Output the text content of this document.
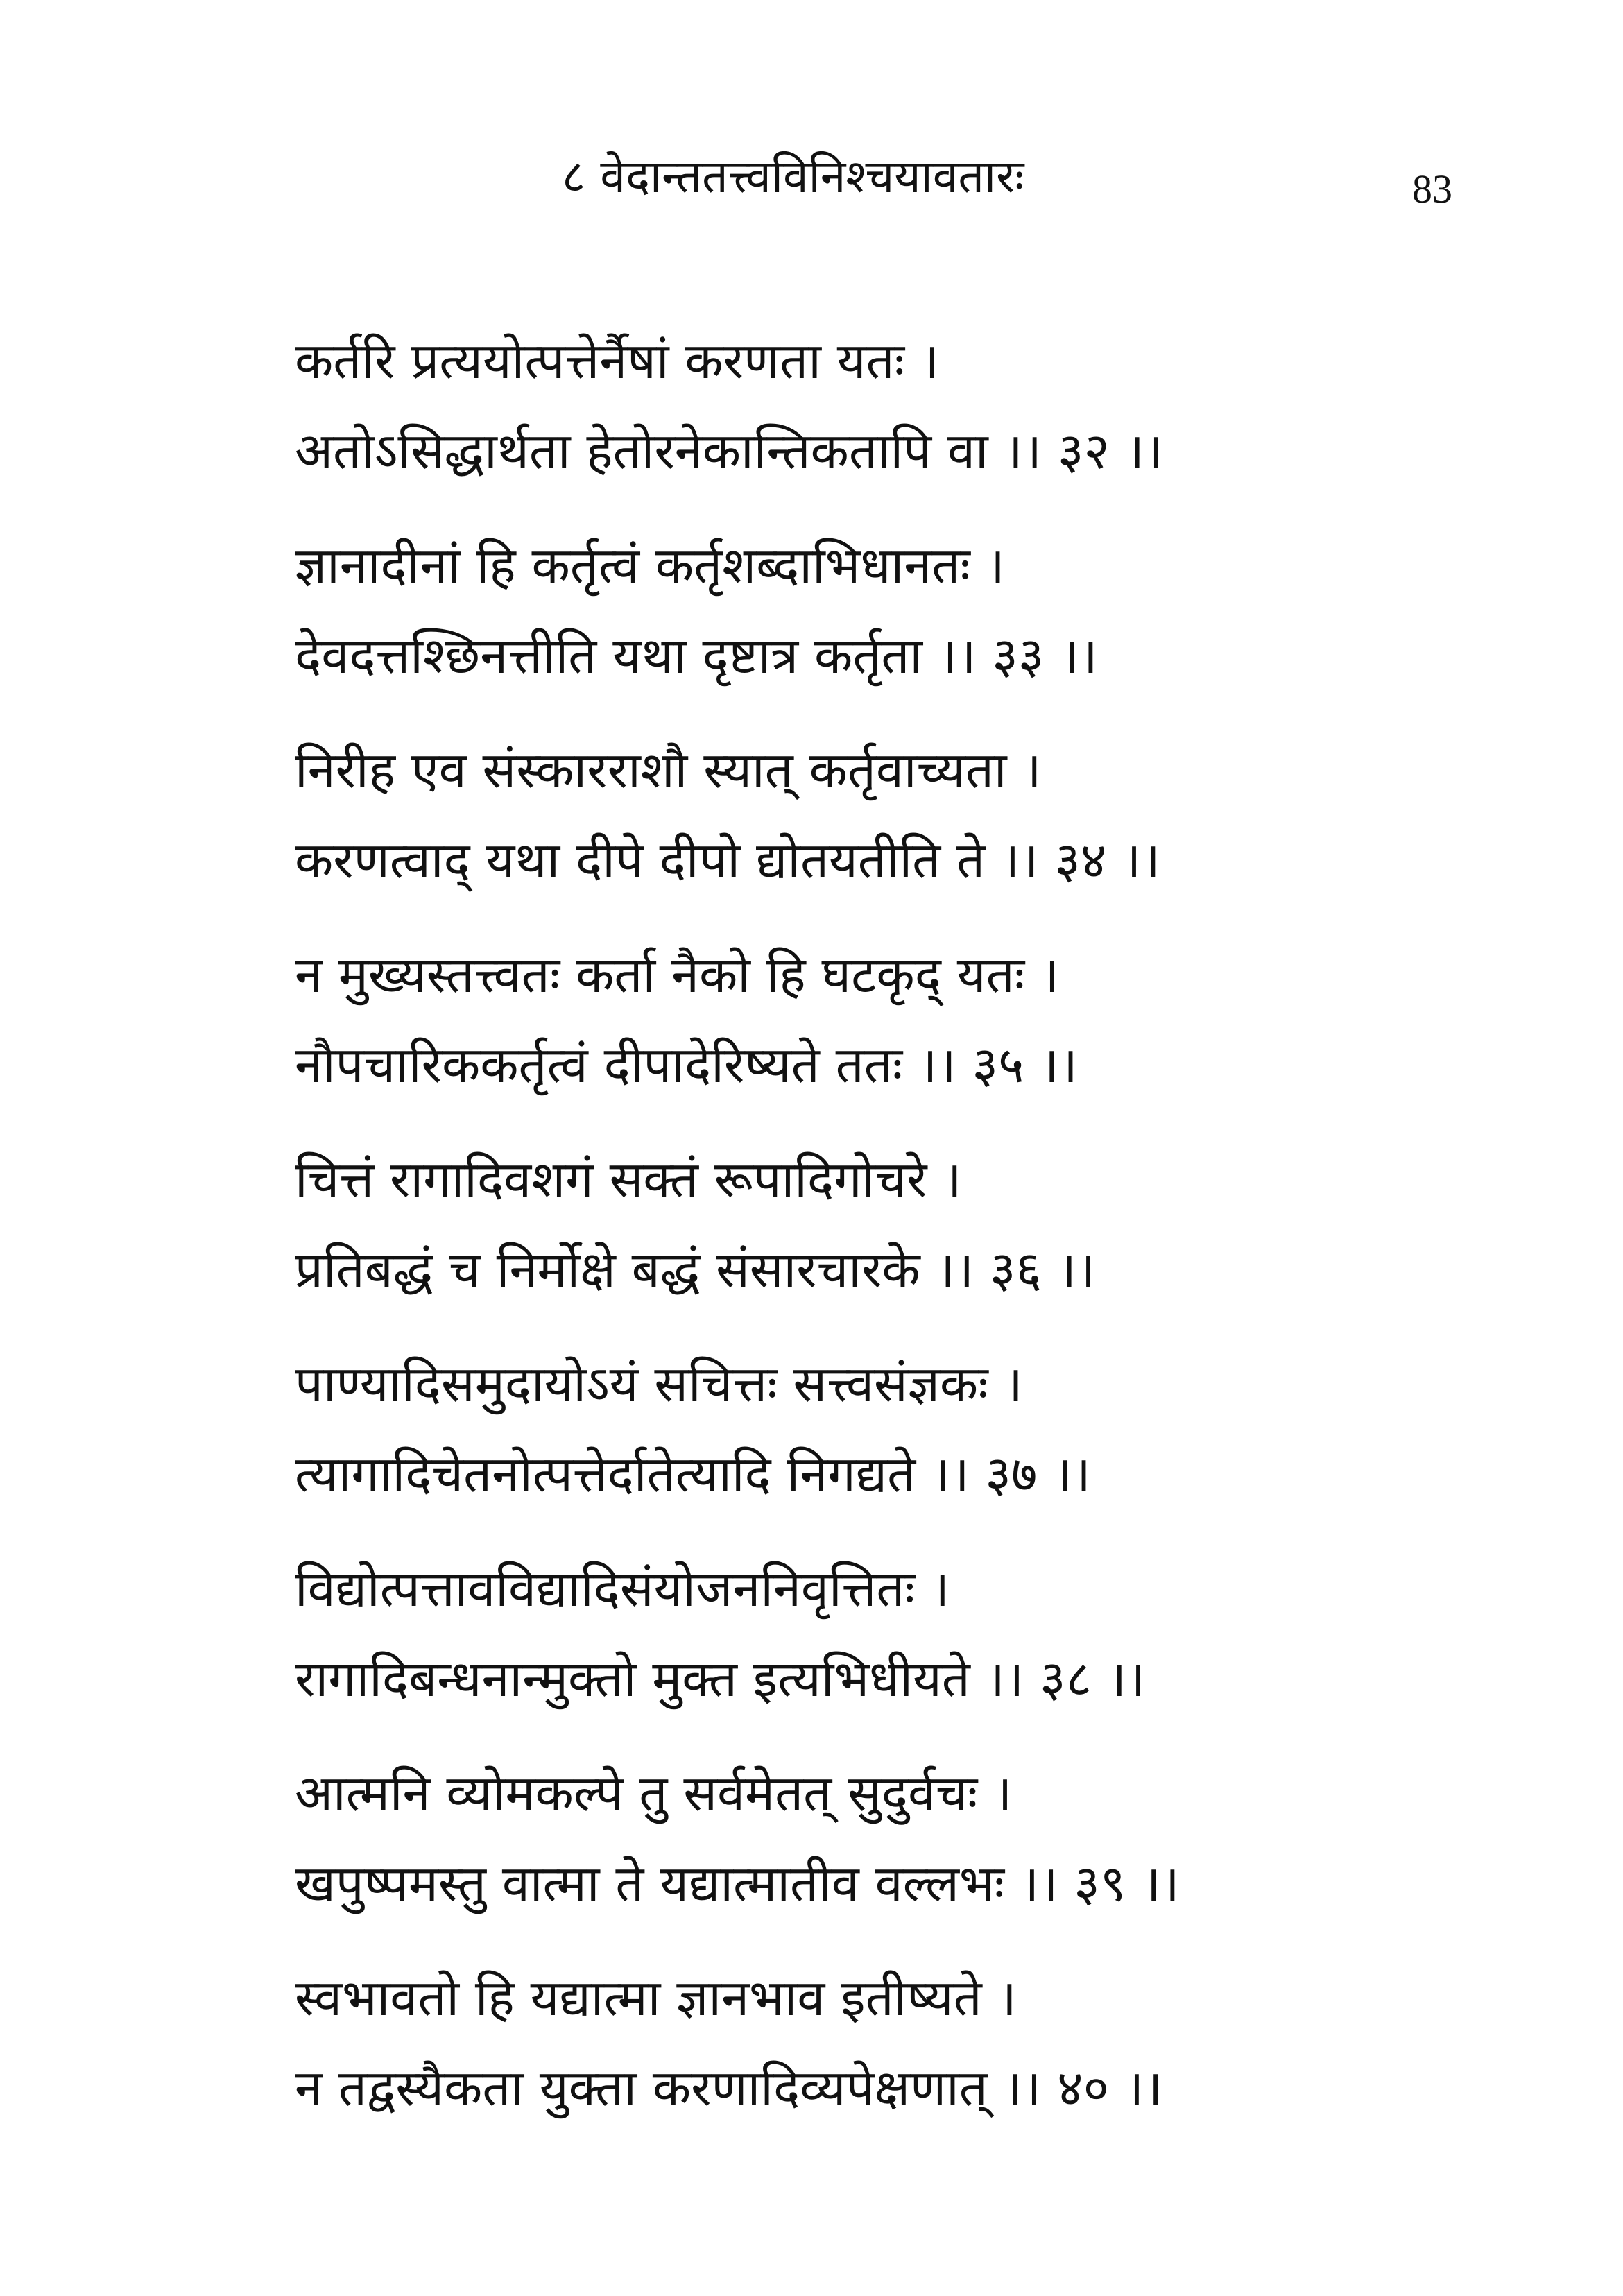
८ वेदान्ततत्त्वविनिश्चयावतारः	83
कर्तरि प्रत्ययोत्पत्तेर्नैषां करणता यतः ।
अतोऽसिद्धार्थता हेतोरनेकान्तिकतापि वा ।। ३२ ।।
ज्ञानादीनां हि कर्तृत्वं कर्तृशब्दाभिधानतः ।
देवदत्तश्छिनत्तीति यथा दृष्टात्र कर्तृता ।। ३३ ।।
निरीह एव संस्कारराशौ स्यात् कर्तृवाच्यता ।
करणत्वाद् यथा दीपे दीपो द्योतयतीति ते ।। ३४ ।।
न मुख्यस्तत्त्वतः कर्ता नैको हि घटकृद् यतः ।
नौपचारिककर्तृत्वं दीपादेरिष्यते ततः ।। ३५ ।।
चित्तं रागादिवशगं सक्तं रूपादिगोचरे ।
प्रतिबद्धं च निर्मोक्षे बद्धं संसारचारके ।। ३६ ।।
पाण्यादिसमुदायोऽयं सचित्तः सत्त्वसंज्ञकः ।
त्यागादिचेतनोत्पत्तेर्दातेत्यादि निगद्यते ।। ३७ ।।
विद्योत्पत्तावविद्यादिसंयोजननिवृत्तितः ।
रागादिबन्धनान्मुक्तो मुक्त इत्यभिधीयते ।। ३८ ।।
आत्मनि व्योमकल्पे तु सर्वमेतत् सुदुर्वचः ।
खपुष्पमस्तु वात्मा ते यद्यात्मातीव वल्लभः ।। ३९ ।।
स्वभावतो हि यद्यात्मा ज्ञानभाव इतीष्यते ।
न तद्वस्यैकता युक्ता करणादिव्यपेक्षणात् ।। ४० ।।
